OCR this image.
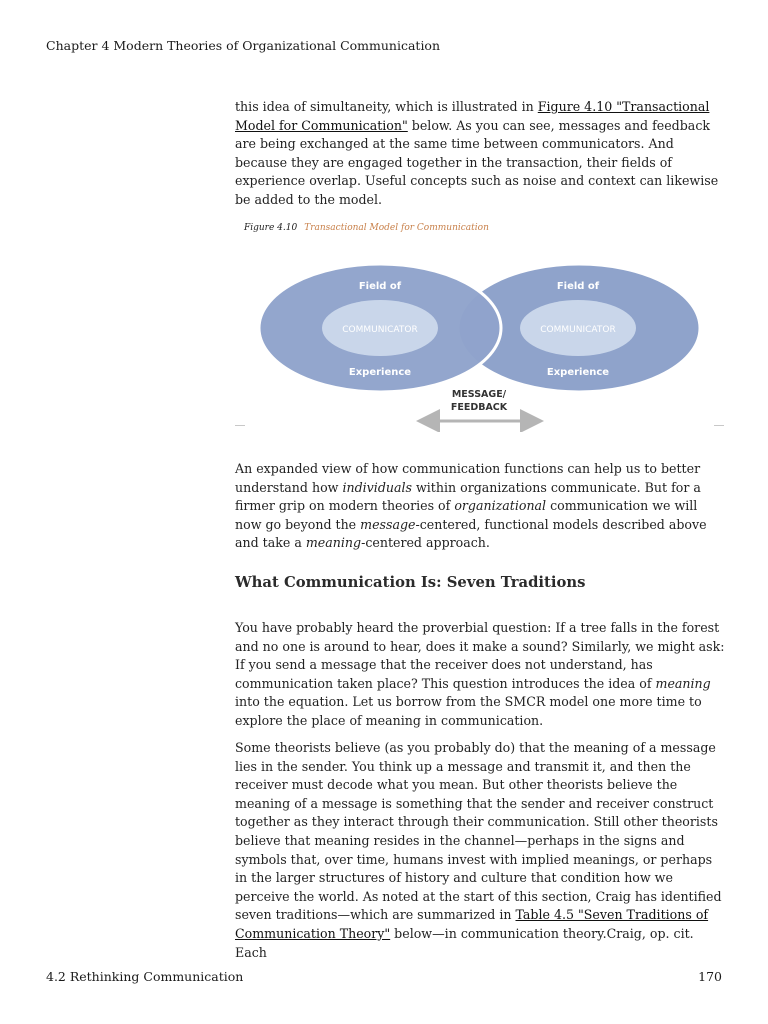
Chapter 4 Modern Theories of Organizational Communication

this idea of simultaneity, which is illustrated in Figure 4.10 "Transactional Model for Communication" below. As you can see, messages and feedback are being exchanged at the same time between communicators. And because they are engaged together in the transaction, their fields of experience overlap. Useful concepts such as noise and context can likewise be added to the model.

Figure 4.10 Transactional Model for Communication
Field of
COMMUNICATOR
Experience
Field of
COMMUNICATOR
Experience
MESSAGE/
FEEDBACK

An expanded view of how communication functions can help us to better understand how individuals within organizations communicate. But for a firmer grip on modern theories of organizational communication we will now go beyond the message-centered, functional models described above and take a meaning-centered approach.

What Communication Is: Seven Traditions

You have probably heard the proverbial question: If a tree falls in the forest and no one is around to hear, does it make a sound? Similarly, we might ask: If you send a message that the receiver does not understand, has communication taken place? This question introduces the idea of meaning into the equation. Let us borrow from the SMCR model one more time to explore the place of meaning in communication.

Some theorists believe (as you probably do) that the meaning of a message lies in the sender. You think up a message and transmit it, and then the receiver must decode what you mean. But other theorists believe the meaning of a message is something that the sender and receiver construct together as they interact through their communication. Still other theorists believe that meaning resides in the channel—perhaps in the signs and symbols that, over time, humans invest with implied meanings, or perhaps in the larger structures of history and culture that condition how we perceive the world. As noted at the start of this section, Craig has identified seven traditions—which are summarized in Table 4.5 "Seven Traditions of Communication Theory" below—in communication theory.Craig, op. cit. Each

4.2 Rethinking Communication	170
